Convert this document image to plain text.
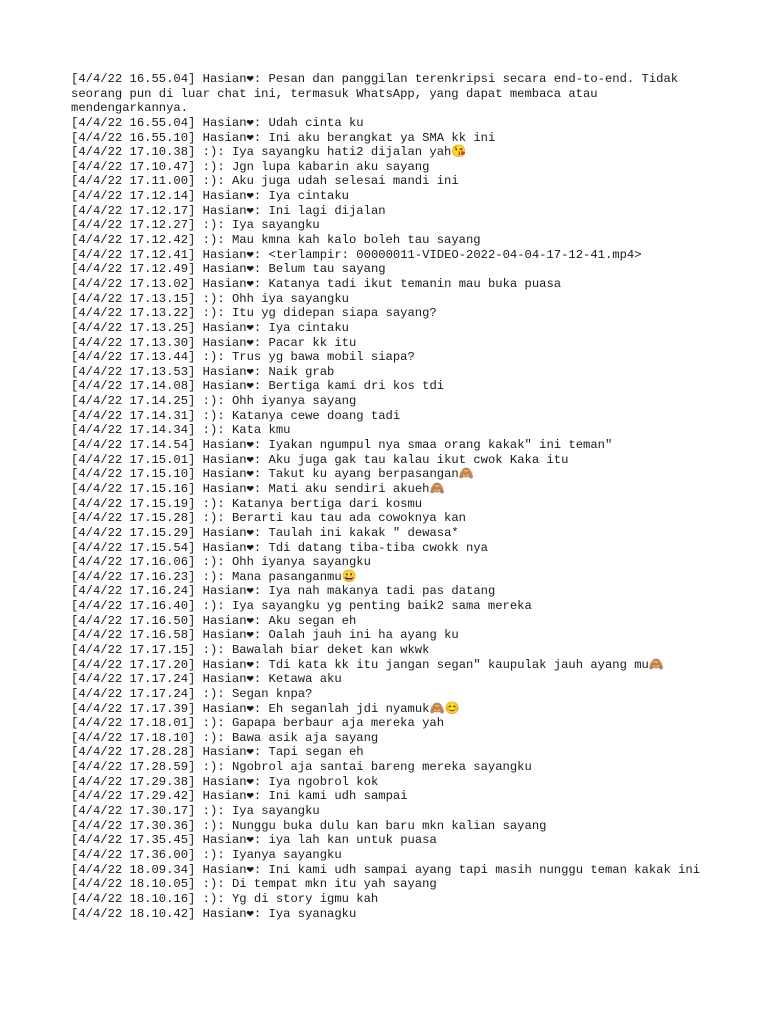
[4/4/22 16.55.04] Hasian❤: Pesan dan panggilan terenkripsi secara end-to-end. Tidak seorang pun di luar chat ini, termasuk WhatsApp, yang dapat membaca atau mendengarkannya.
[4/4/22 16.55.04] Hasian❤: Udah cinta ku
[4/4/22 16.55.10] Hasian❤: Ini aku berangkat ya SMA kk ini
[4/4/22 17.10.38] :): Iya sayangku hati2 dijalan yah😘
[4/4/22 17.10.47] :): Jgn lupa kabarin aku sayang
[4/4/22 17.11.00] :): Aku juga udah selesai mandi ini
[4/4/22 17.12.14] Hasian❤: Iya cintaku
[4/4/22 17.12.17] Hasian❤: Ini lagi dijalan
[4/4/22 17.12.27] :): Iya sayangku
[4/4/22 17.12.42] :): Mau kmna kah kalo boleh tau sayang
[4/4/22 17.12.41] Hasian❤: <terlampir: 00000011-VIDEO-2022-04-04-17-12-41.mp4>
[4/4/22 17.12.49] Hasian❤: Belum tau sayang
[4/4/22 17.13.02] Hasian❤: Katanya tadi ikut temanin mau buka puasa
[4/4/22 17.13.15] :): Ohh iya sayangku
[4/4/22 17.13.22] :): Itu yg didepan siapa sayang?
[4/4/22 17.13.25] Hasian❤: Iya cintaku
[4/4/22 17.13.30] Hasian❤: Pacar kk itu
[4/4/22 17.13.44] :): Trus yg bawa mobil siapa?
[4/4/22 17.13.53] Hasian❤: Naik grab
[4/4/22 17.14.08] Hasian❤: Bertiga kami dri kos tdi
[4/4/22 17.14.25] :): Ohh iyanya sayang
[4/4/22 17.14.31] :): Katanya cewe doang tadi
[4/4/22 17.14.34] :): Kata kmu
[4/4/22 17.14.54] Hasian❤: Iyakan ngumpul nya smaa orang kakak" ini teman"
[4/4/22 17.15.01] Hasian❤: Aku juga gak tau kalau ikut cwok Kaka itu
[4/4/22 17.15.10] Hasian❤: Takut ku ayang berpasangan🙈
[4/4/22 17.15.16] Hasian❤: Mati aku sendiri akueh🙈
[4/4/22 17.15.19] :): Katanya bertiga dari kosmu
[4/4/22 17.15.28] :): Berarti kau tau ada cowoknya kan
[4/4/22 17.15.29] Hasian❤: Taulah ini kakak " dewasa*
[4/4/22 17.15.54] Hasian❤: Tdi datang tiba-tiba cwokk nya
[4/4/22 17.16.06] :): Ohh iyanya sayangku
[4/4/22 17.16.23] :): Mana pasanganmu😀
[4/4/22 17.16.24] Hasian❤: Iya nah makanya tadi pas datang
[4/4/22 17.16.40] :): Iya sayangku yg penting baik2 sama mereka
[4/4/22 17.16.50] Hasian❤: Aku segan eh
[4/4/22 17.16.58] Hasian❤: Oalah jauh ini ha ayang ku
[4/4/22 17.17.15] :): Bawalah biar deket kan wkwk
[4/4/22 17.17.20] Hasian❤: Tdi kata kk itu jangan segan" kaupulak jauh ayang mu🙈
[4/4/22 17.17.24] Hasian❤: Ketawa aku
[4/4/22 17.17.24] :): Segan knpa?
[4/4/22 17.17.39] Hasian❤: Eh seganlah jdi nyamuk🙈😊
[4/4/22 17.18.01] :): Gapapa berbaur aja mereka yah
[4/4/22 17.18.10] :): Bawa asik aja sayang
[4/4/22 17.28.28] Hasian❤: Tapi segan eh
[4/4/22 17.28.59] :): Ngobrol aja santai bareng mereka sayangku
[4/4/22 17.29.38] Hasian❤: Iya ngobrol kok
[4/4/22 17.29.42] Hasian❤: Ini kami udh sampai
[4/4/22 17.30.17] :): Iya sayangku
[4/4/22 17.30.36] :): Nunggu buka dulu kan baru mkn kalian sayang
[4/4/22 17.35.45] Hasian❤: iya lah kan untuk puasa
[4/4/22 17.36.00] :): Iyanya sayangku
[4/4/22 18.09.34] Hasian❤: Ini kami udh sampai ayang tapi masih nunggu teman kakak ini
[4/4/22 18.10.05] :): Di tempat mkn itu yah sayang
[4/4/22 18.10.16] :): Yg di story igmu kah
[4/4/22 18.10.42] Hasian❤: Iya syanagku
